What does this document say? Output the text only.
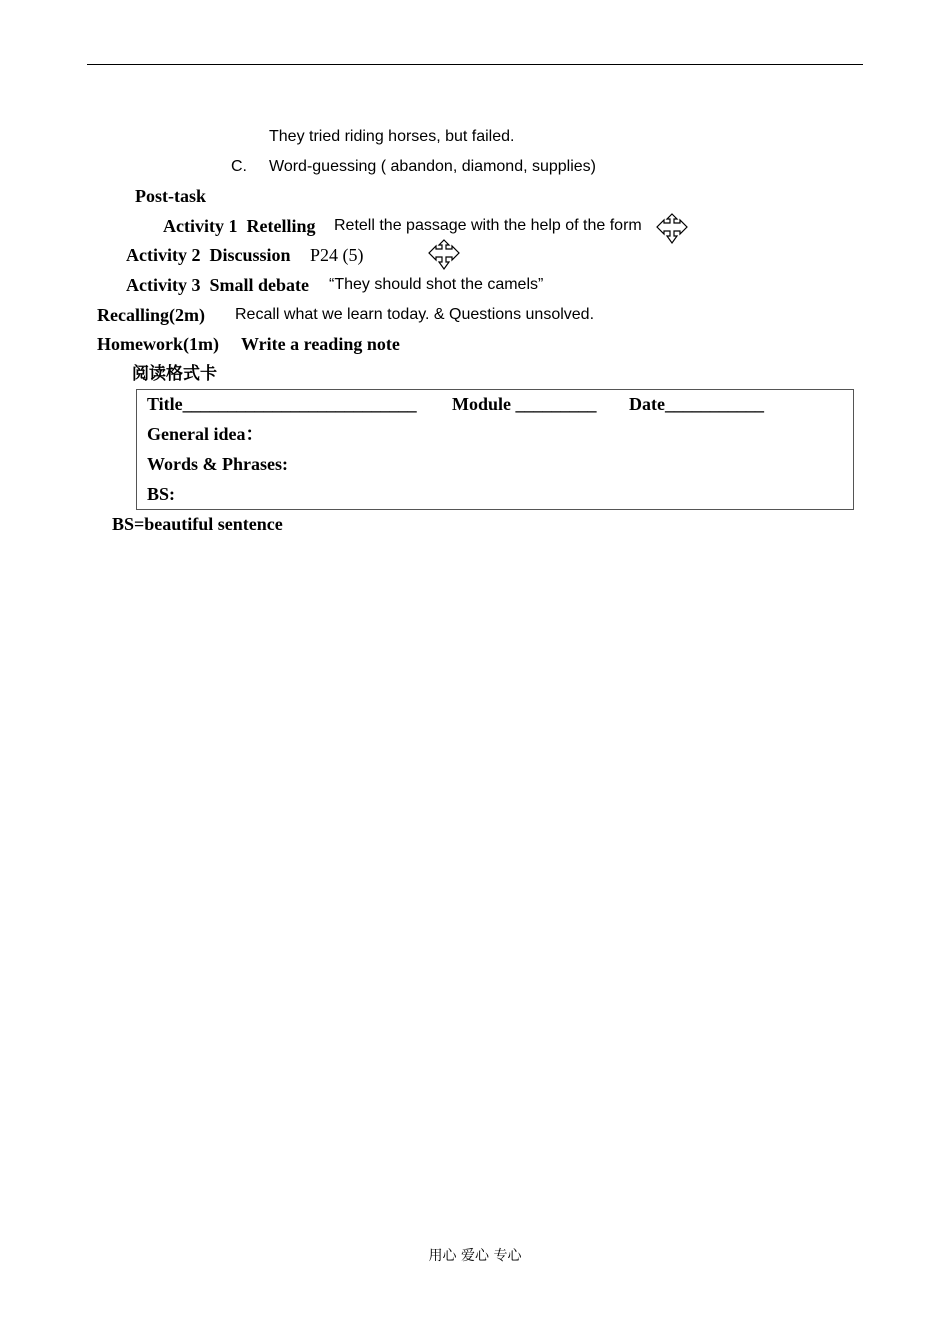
They tried riding horses, but failed.
C. Word-guessing ( abandon, diamond, supplies)
Post-task
Activity 1  Retelling Retell the passage with the help of the form
Activity 2  Discussion P24 (5)
Activity 3  Small debate “They should shot the camels”
Recalling(2m) Recall what we learn today. & Questions unsolved.
Homework(1m) Write a reading note
阅读格式卡
Title__________________________ Module _________ Date___________
General idea：
Words & Phrases:
BS:
BS=beautiful sentence
用心 爱心 专心
